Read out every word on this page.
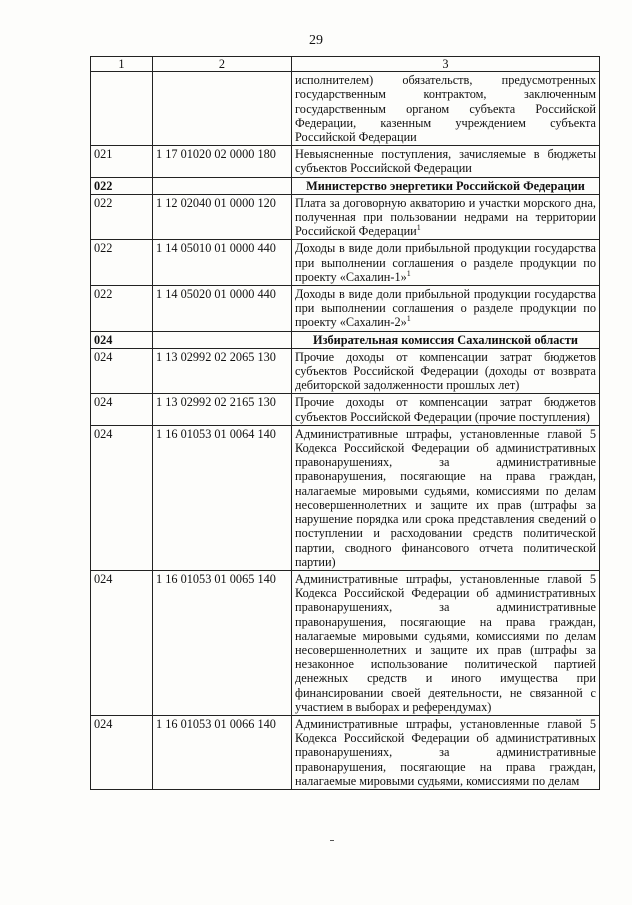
29
1	2	3
		исполнителем) обязательств, предусмотренных государственным контрактом, заключенным государственным органом субъекта Российской Федерации, казенным учреждением субъекта Российской Федерации
021	1 17 01020 02 0000 180	Невыясненные поступления, зачисляемые в бюджеты субъектов Российской Федерации
022		Министерство энергетики Российской Федерации
022	1 12 02040 01 0000 120	Плата за договорную акваторию и участки морского дна, полученная при пользовании недрами на территории Российской Федерации$^1$
022	1 14 05010 01 0000 440	Доходы в виде доли прибыльной продукции государства при выполнении соглашения о разделе продукции по проекту «Сахалин-1»$^1$
022	1 14 05020 01 0000 440	Доходы в виде доли прибыльной продукции государства при выполнении соглашения о разделе продукции по проекту «Сахалин-2»$^1$
024		Избирательная комиссия Сахалинской области
024	1 13 02992 02 2065 130	Прочие доходы от компенсации затрат бюджетов субъектов Российской Федерации (доходы от возврата дебиторской задолженности прошлых лет)
024	1 13 02992 02 2165 130	Прочие доходы от компенсации затрат бюджетов субъектов Российской Федерации (прочие поступления)
024	1 16 01053 01 0064 140	Административные штрафы, установленные главой 5 Кодекса Российской Федерации об административных правонарушениях, за административные правонарушения, посягающие на права граждан, налагаемые мировыми судьями, комиссиями по делам несовершеннолетних и защите их прав (штрафы за нарушение порядка или срока представления сведений о поступлении и расходовании средств политической партии, сводного финансового отчета политической партии)
024	1 16 01053 01 0065 140	Административные штрафы, установленные главой 5 Кодекса Российской Федерации об административных правонарушениях, за административные правонарушения, посягающие на права граждан, налагаемые мировыми судьями, комиссиями по делам несовершеннолетних и защите их прав (штрафы за незаконное использование политической партией денежных средств и иного имущества при финансировании своей деятельности, не связанной с участием в выборах и референдумах)
024	1 16 01053 01 0066 140	Административные штрафы, установленные главой 5 Кодекса Российской Федерации об административных правонарушениях, за административные правонарушения, посягающие на права граждан, налагаемые мировыми судьями, комиссиями по делам
